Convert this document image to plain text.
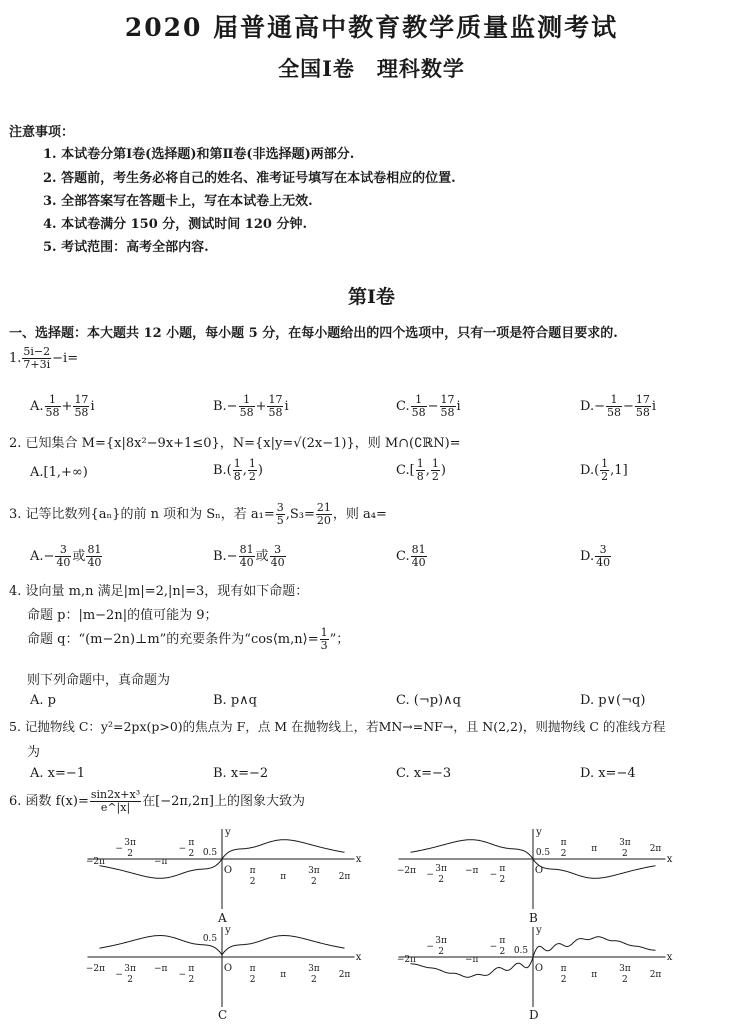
2020 届普通高中教育教学质量监测考试
全国Ⅰ卷　理科数学
注意事项：
1. 本试卷分第Ⅰ卷(选择题)和第Ⅱ卷(非选择题)两部分.
2. 答题前，考生务必将自己的姓名、准考证号填写在本试卷相应的位置.
3. 全部答案写在答题卡上，写在本试卷上无效.
4. 本试卷满分 150 分，测试时间 120 分钟.
5. 考试范围：高考全部内容.
第Ⅰ卷
一、选择题：本大题共 12 小题，每小题 5 分，在每小题给出的四个选项中，只有一项是符合题目要求的.
1. $\frac{5i-2}{7+3i} -i=$
A. $\frac{1}{58} + \frac{17}{58}$ i	$B.- \frac{1}{58} + \frac{17}{58}$ i	C. $\frac{1}{58} - \frac{17}{58}$ i	$D.- \frac{1}{58} - \frac{17}{58}$ i
2. 已知集合 M={x|8x²−9x+1≤0}，N={x|y=√(2x−1)}，则 M∩(∁ℝN)=
A.[1,+∞)	$B.( \frac{1}{8}$ , $\frac{1}{2}$ )	$C.[ \frac{1}{8}$ , $\frac{1}{2}$ )	$D.( \frac{1}{2} ,1]$
3. 记等比数列{aₙ}的前 n 项和为 Sₙ，若 $a_1= \frac{3}{5} ,S_3= \frac{21}{20}$ ，则 a₄=
$A.- \frac{3}{40}$ 或 $\frac{81}{40}$	$B.- \frac{81}{40}$ 或 $\frac{3}{40}$	C. $\frac{81}{40}$	D. $\frac{3}{40}$
4. 设向量 m,n 满足|m|=2,|n|=3，现有如下命题：
命题 p：|m−2n|的值可能为 9；
命题 q：“(m−2n)⊥m”的充要条件为“cos⟨m,n⟩= $\frac{1}{3}$ ”；
则下列命题中，真命题为
A. p	B. p∧q	C. (¬p)∧q	D. p∨(¬q)
5. 记抛物线 C：y²=2px(p>0)的焦点为 F，点 M 在抛物线上，若MN→=NF→，且 N(2,2)，则抛物线 C 的准线方程
为
A. x=−1	B. x=−2	C. x=−3	D. x=−4
6. 函数 $f(x)= \frac{\text{sin2x+x³}}{e\^{}|x|}$ 在[−2π,2π]上的图象大致为
x
y
O
−2π
3π
2
−
−π
π
2
−
π
2	π
3π
2 2π
0.5
x
y
O
−2π 3π
2
−	−π π
2
−
π
2	π
3π
2 2π
0.5
x
y
O
−2π 3π
2
−
−π π
2
−
π
2	π
3π
2 2π
0.5
x
y
O
−2π
3π
2
−
−π
π
2
−
π
2	π
3π
2 2π
0.5
A	B
C	D
